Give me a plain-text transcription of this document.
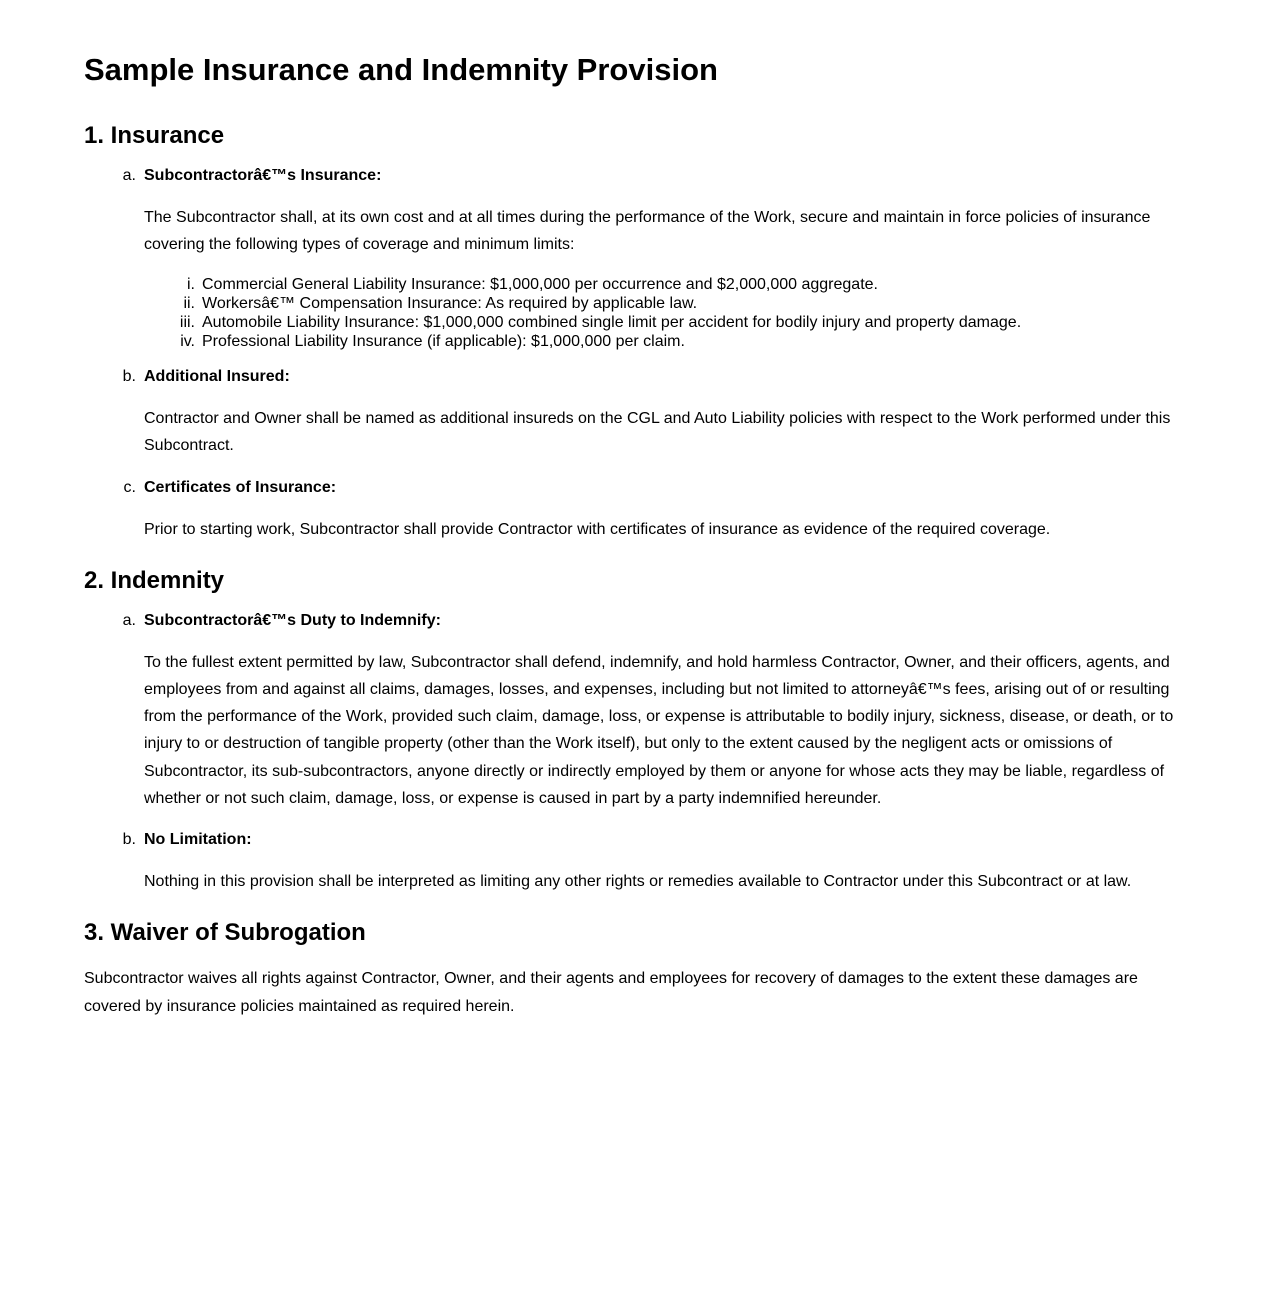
Sample Insurance and Indemnity Provision
1. Insurance
a. Subcontractorâ€™s Insurance:

The Subcontractor shall, at its own cost and at all times during the performance of the Work, secure and maintain in force policies of insurance covering the following types of coverage and minimum limits:

i. Commercial General Liability Insurance: $1,000,000 per occurrence and $2,000,000 aggregate.
ii. Workersâ€™ Compensation Insurance: As required by applicable law.
iii. Automobile Liability Insurance: $1,000,000 combined single limit per accident for bodily injury and property damage.
iv. Professional Liability Insurance (if applicable): $1,000,000 per claim.
b. Additional Insured:

Contractor and Owner shall be named as additional insureds on the CGL and Auto Liability policies with respect to the Work performed under this Subcontract.

c. Certificates of Insurance:

Prior to starting work, Subcontractor shall provide Contractor with certificates of insurance as evidence of the required coverage.

2. Indemnity
a. Subcontractorâ€™s Duty to Indemnify:

To the fullest extent permitted by law, Subcontractor shall defend, indemnify, and hold harmless Contractor, Owner, and their officers, agents, and employees from and against all claims, damages, losses, and expenses, including but not limited to attorneyâ€™s fees, arising out of or resulting from the performance of the Work, provided such claim, damage, loss, or expense is attributable to bodily injury, sickness, disease, or death, or to injury to or destruction of tangible property (other than the Work itself), but only to the extent caused by the negligent acts or omissions of Subcontractor, its sub-subcontractors, anyone directly or indirectly employed by them or anyone for whose acts they may be liable, regardless of whether or not such claim, damage, loss, or expense is caused in part by a party indemnified hereunder.

b. No Limitation:

Nothing in this provision shall be interpreted as limiting any other rights or remedies available to Contractor under this Subcontract or at law.

3. Waiver of Subrogation

Subcontractor waives all rights against Contractor, Owner, and their agents and employees for recovery of damages to the extent these damages are covered by insurance policies maintained as required herein.
